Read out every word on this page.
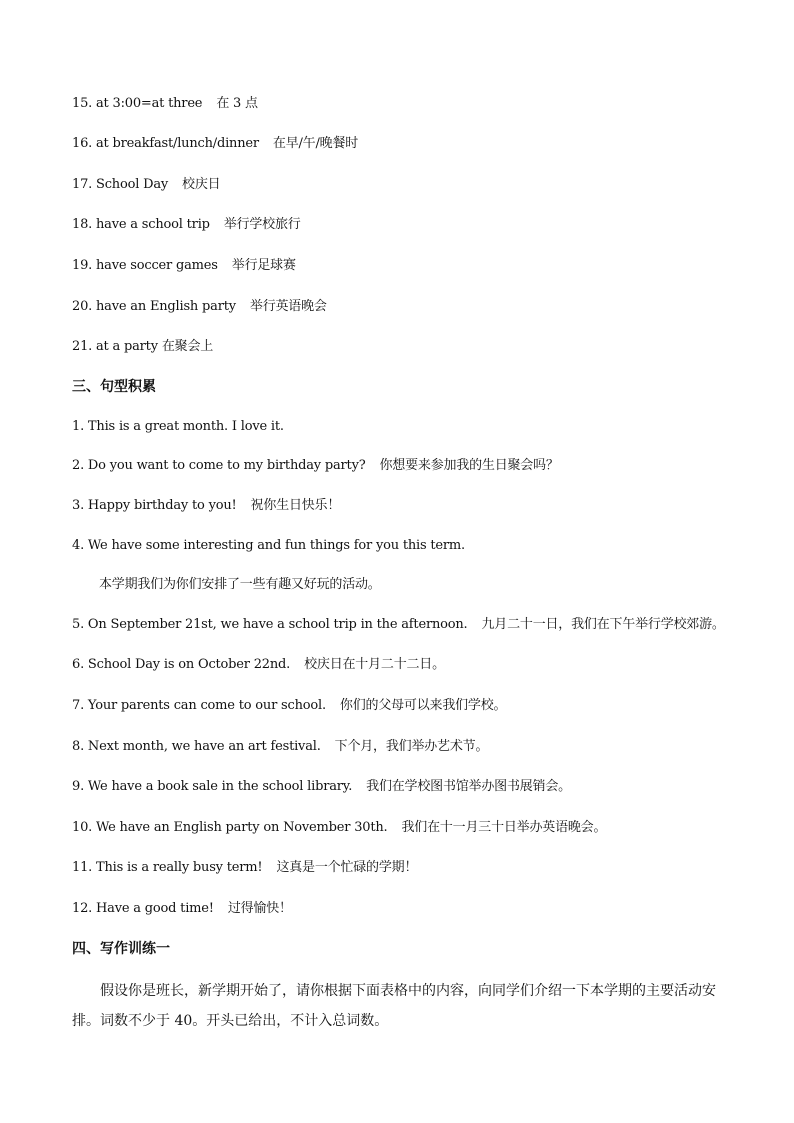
15. at 3:00=at three 在 3 点
16. at breakfast/lunch/dinner 在早/午/晚餐时
17. School Day 校庆日
18. have a school trip 举行学校旅行
19. have soccer games 举行足球赛
20. have an English party 举行英语晚会
21. at a party 在聚会上
三、句型积累
1. This is a great month. I love it.
2. Do you want to come to my birthday party? 你想要来参加我的生日聚会吗？
3. Happy birthday to you! 祝你生日快乐！
4. We have some interesting and fun things for you this term.
本学期我们为你们安排了一些有趣又好玩的活动。
5. On September 21st, we have a school trip in the afternoon. 九月二十一日，我们在下午举行学校郊游。
6. School Day is on October 22nd. 校庆日在十月二十二日。
7. Your parents can come to our school. 你们的父母可以来我们学校。
8. Next month, we have an art festival. 下个月，我们举办艺术节。
9. We have a book sale in the school library. 我们在学校图书馆举办图书展销会。
10. We have an English party on November 30th. 我们在十一月三十日举办英语晚会。
11. This is a really busy term! 这真是一个忙碌的学期！
12. Have a good time! 过得愉快！
四、写作训练一
假设你是班长，新学期开始了，请你根据下面表格中的内容，向同学们介绍一下本学期的主要活动安排。词数不少于 40。开头已给出，不计入总词数。
